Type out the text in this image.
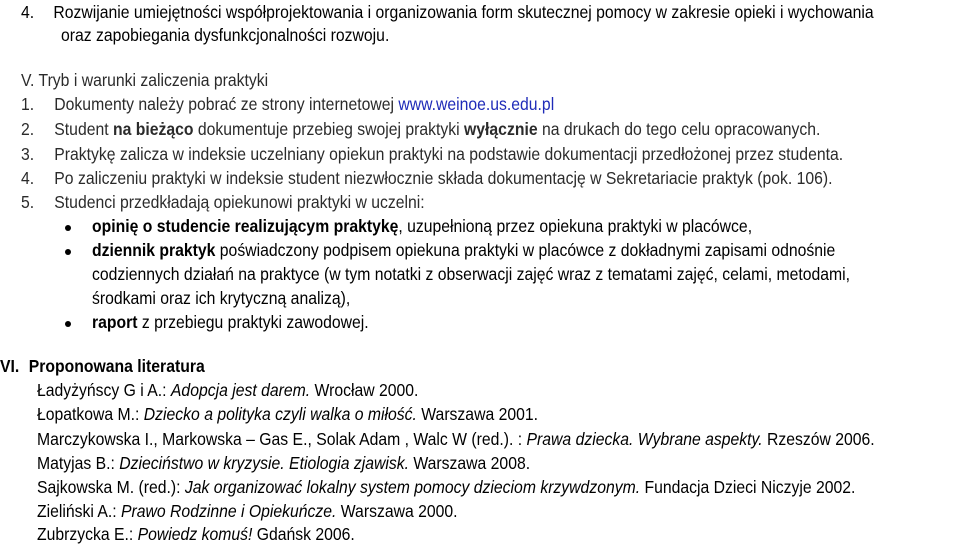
4. Rozwijanie umiejętności współprojektowania i organizowania form skutecznej pomocy w zakresie opieki i wychowania
oraz zapobiegania dysfunkcjonalności rozwoju.
V. Tryb i warunki zaliczenia praktyki
1. Dokumenty należy pobrać ze strony internetowej www.weinoe.us.edu.pl
2. Student na bieżąco dokumentuje przebieg swojej praktyki wyłącznie na drukach do tego celu opracowanych.
3. Praktykę zalicza w indeksie uczelniany opiekun praktyki na podstawie dokumentacji przedłożonej przez studenta.
4. Po zaliczeniu praktyki w indeksie student niezwłocznie składa dokumentację w Sekretariacie praktyk (pok. 106).
5. Studenci przedkładają opiekunowi praktyki w uczelni:
opinię o studencie realizującym praktykę, uzupełnioną przez opiekuna praktyki w placówce,
dziennik praktyk poświadczony podpisem opiekuna praktyki w placówce z dokładnymi zapisami odnośnie
codziennych działań na praktyce (w tym notatki z obserwacji zajęć wraz z tematami zajęć, celami, metodami,
środkami oraz ich krytyczną analizą),
raport z przebiegu praktyki zawodowej.
VI. Proponowana literatura
Ładyżyńscy G i A.: Adopcja jest darem. Wrocław 2000.
Łopatkowa M.: Dziecko a polityka czyli walka o miłość. Warszawa 2001.
Marczykowska I., Markowska – Gas E., Solak Adam , Walc W (red.). : Prawa dziecka. Wybrane aspekty. Rzeszów 2006.
Matyjas B.: Dzieciństwo w kryzysie. Etiologia zjawisk. Warszawa 2008.
Sajkowska M. (red.): Jak organizować lokalny system pomocy dzieciom krzywdzonym. Fundacja Dzieci Niczyje 2002.
Zieliński A.: Prawo Rodzinne i Opiekuńcze. Warszawa 2000.
Zubrzycka E.: Powiedz komuś! Gdańsk 2006.
